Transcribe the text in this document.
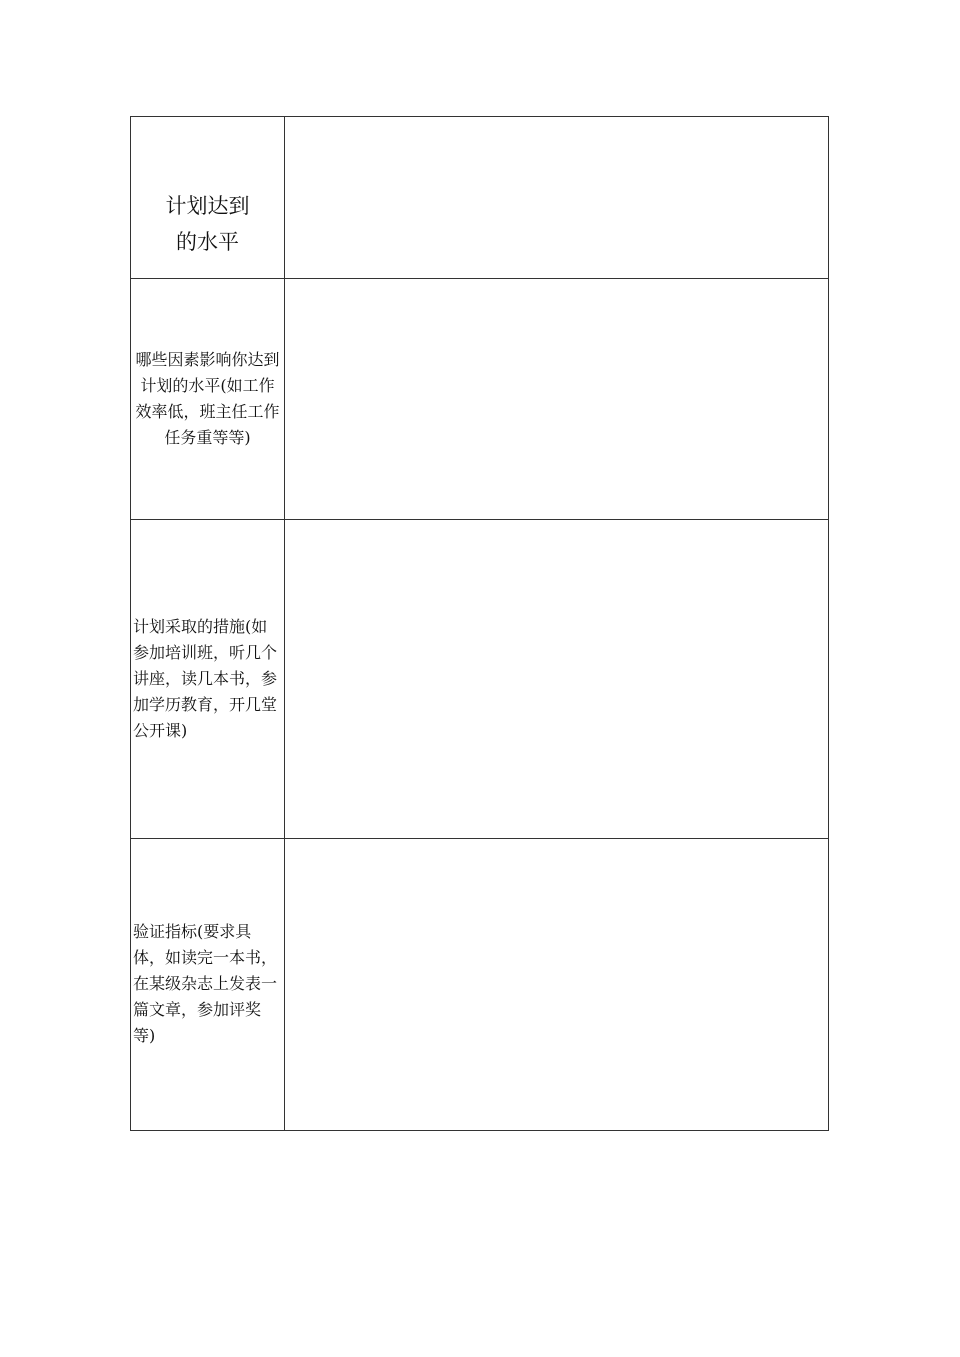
计划达到
的水平	

哪些因素影响你达到
计划的水平(如工作
效率低，班主任工作
任务重等等)	

计划采取的措施(如
参加培训班，听几个
讲座，读几本书，参
加学历教育，开几堂
公开课)	

验证指标(要求具
体，如读完一本书，
在某级杂志上发表一
篇文章，参加评奖
等)	
